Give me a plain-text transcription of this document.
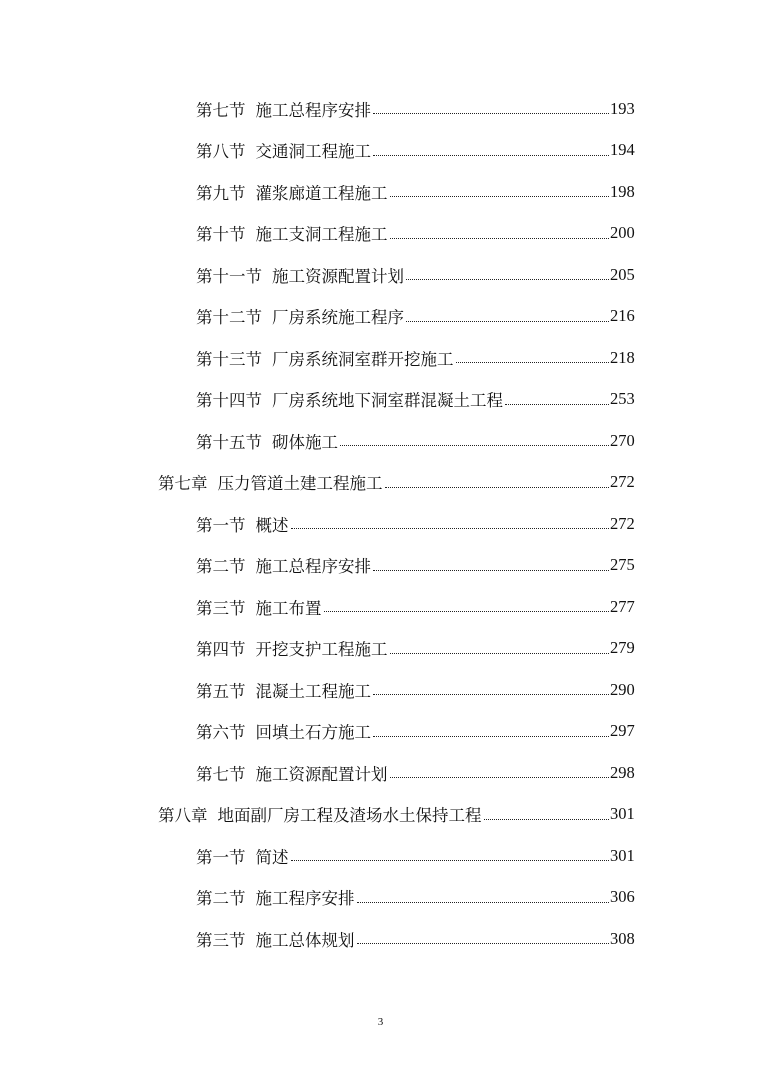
第七节 施工总程序安排	193
第八节 交通洞工程施工	194
第九节 灌浆廊道工程施工	198
第十节 施工支洞工程施工	200
第十一节 施工资源配置计划	205
第十二节 厂房系统施工程序	216
第十三节 厂房系统洞室群开挖施工	218
第十四节 厂房系统地下洞室群混凝土工程	253
第十五节 砌体施工	270
第七章 压力管道土建工程施工	272
第一节 概述	272
第二节 施工总程序安排	275
第三节 施工布置	277
第四节 开挖支护工程施工	279
第五节 混凝土工程施工	290
第六节 回填土石方施工	297
第七节 施工资源配置计划	298
第八章 地面副厂房工程及渣场水土保持工程	301
第一节 简述	301
第二节 施工程序安排	306
第三节 施工总体规划	308
3
